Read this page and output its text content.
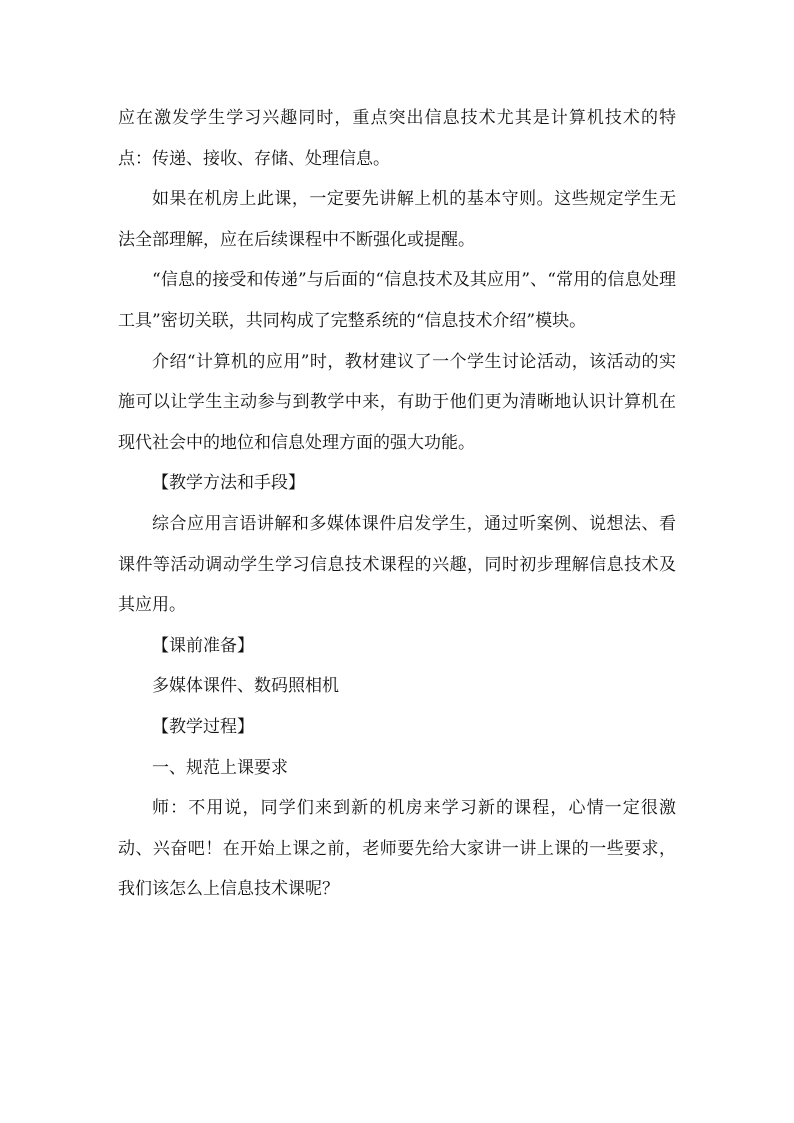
应在激发学生学习兴趣同时，重点突出信息技术尤其是计算机技术的特点：传递、接收、存储、处理信息。

如果在机房上此课，一定要先讲解上机的基本守则。这些规定学生无法全部理解，应在后续课程中不断强化或提醒。

“信息的接受和传递”与后面的“信息技术及其应用”、“常用的信息处理工具”密切关联，共同构成了完整系统的“信息技术介绍”模块。

介绍“计算机的应用”时，教材建议了一个学生讨论活动，该活动的实施可以让学生主动参与到教学中来，有助于他们更为清晰地认识计算机在现代社会中的地位和信息处理方面的强大功能。

【教学方法和手段】

综合应用言语讲解和多媒体课件启发学生，通过听案例、说想法、看课件等活动调动学生学习信息技术课程的兴趣，同时初步理解信息技术及其应用。

【课前准备】

多媒体课件、数码照相机

【教学过程】

一、规范上课要求

师：不用说，同学们来到新的机房来学习新的课程，心情一定很激动、兴奋吧！在开始上课之前，老师要先给大家讲一讲上课的一些要求，我们该怎么上信息技术课呢？
